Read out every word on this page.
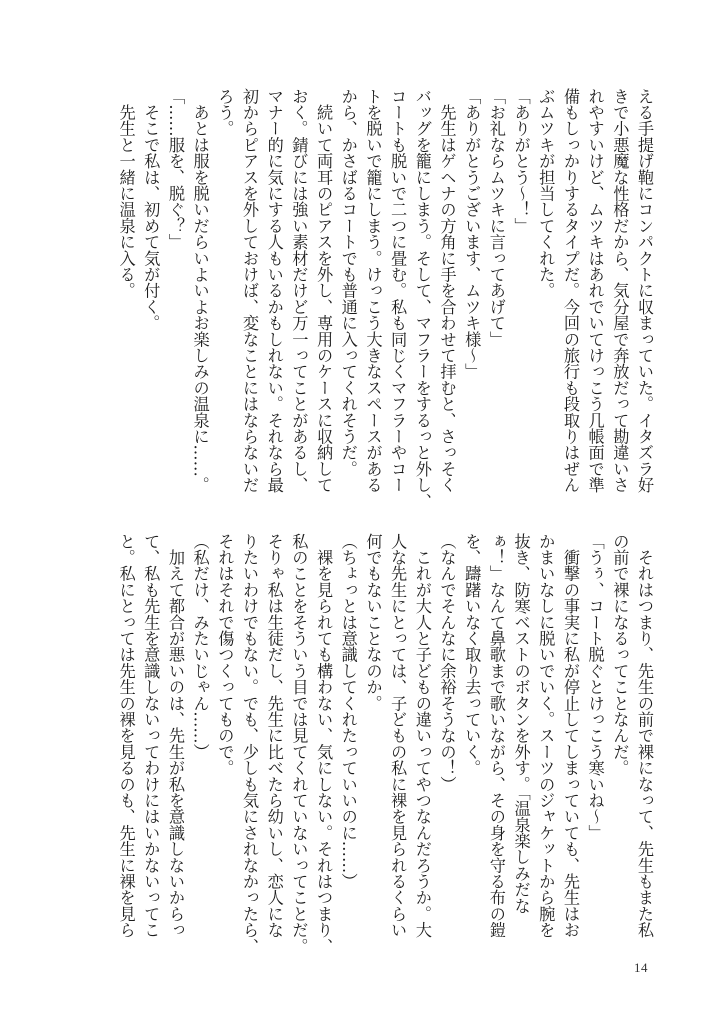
える手提げ鞄にコンパクトに収まっていた。イタズラ好
きで小悪魔な性格だから、気分屋で奔放だって勘違いさ
れやすいけど、ムツキはあれでいてけっこう几帳面で準
備もしっかりするタイプだ。今回の旅行も段取りはぜん
ぶムツキが担当してくれた。
「ありがとう〜！」
「お礼ならムツキに言ってあげて」
「ありがとうございます、ムツキ様〜」
　先生はゲヘナの方角に手を合わせて拝むと、さっそく
バッグを籠にしまう。そして、マフラーをするっと外し、
コートも脱いで二つに畳む。私も同じくマフラーやコー
トを脱いで籠にしまう。けっこう大きなスペースがある
から、かさばるコートでも普通に入ってくれそうだ。
　続いて両耳のピアスを外し、専用のケースに収納して
おく。錆びには強い素材だけど万一ってことがあるし、
マナー的に気にする人もいるかもしれない。それなら最
初からピアスを外しておけば、変なことにはならないだ
ろう。
　あとは服を脱いだらいよいよお楽しみの温泉に……。
「……服を、脱ぐ？」
　そこで私は、初めて気が付く。
　先生と一緒に温泉に入る。
　それはつまり、先生の前で裸になって、先生もまた私
の前で裸になるってことなんだ。
「うぅ、コート脱ぐとけっこう寒いね〜」
　衝撃の事実に私が停止してしまっていても、先生はお
かまいなしに脱いでいく。スーツのジャケットから腕を
抜き、防寒ベストのボタンを外す。「温泉楽しみだな
ぁ！」なんて鼻歌まで歌いながら、その身を守る布の鎧
を、躊躇いなく取り去っていく。
（なんでそんなに余裕そうなの！）
　これが大人と子どもの違いってやつなんだろうか。大
人な先生にとっては、子どもの私に裸を見られるくらい
何でもないことなのか。
（ちょっとは意識してくれたっていいのに……）
　裸を見られても構わない、気にしない。それはつまり、
私のことをそういう目では見てくれていないってことだ。
そりゃ私は生徒だし、先生に比べたら幼いし、恋人にな
りたいわけでもない。でも、少しも気にされなかったら、
それはそれで傷つくってもので。
（私だけ、みたいじゃん……）
　加えて都合が悪いのは、先生が私を意識しないからっ
て、私も先生を意識しないってわけにはいかないってこ
と。私にとっては先生の裸を見るのも、先生に裸を見ら
14
